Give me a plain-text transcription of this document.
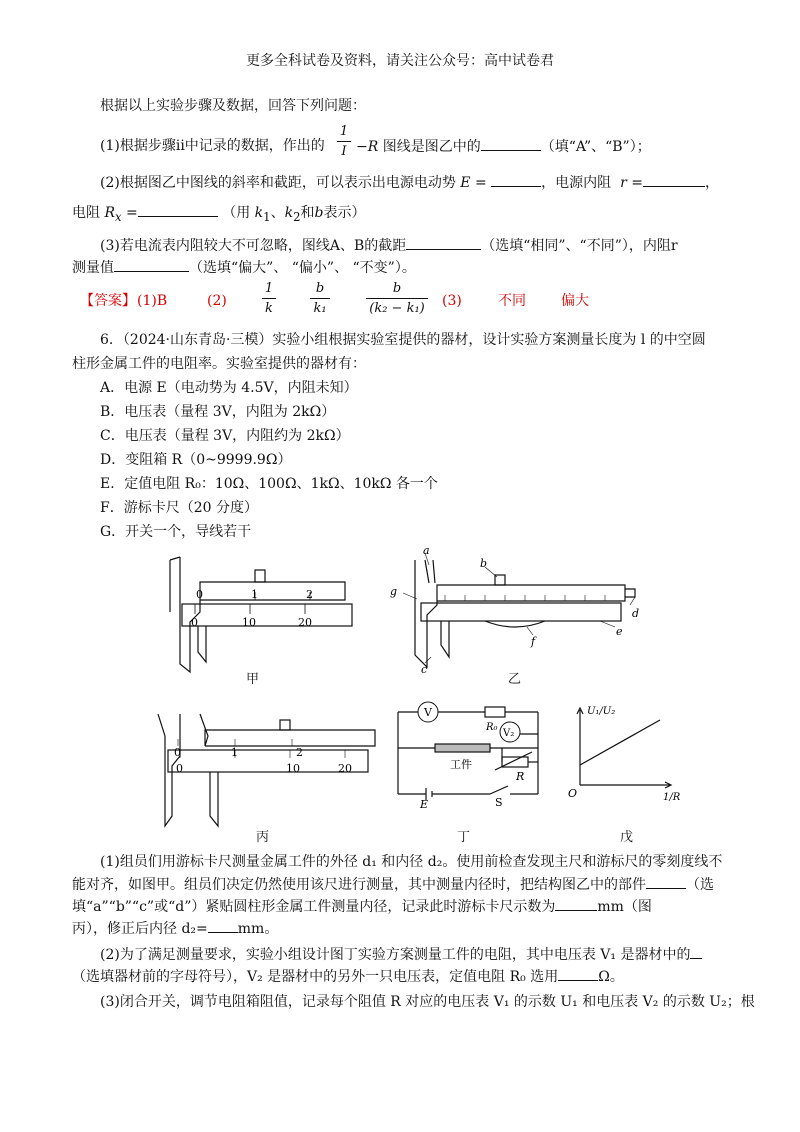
更多全科试卷及资料，请关注公众号：高中试卷君
根据以上实验步骤及数据，回答下列问题：
(1)根据步骤ⅱ中记录的数据，作出的
1
I −R 图线是图乙中的	（填“A”、“B”）；
(2)根据图乙中图线的斜率和截距，可以表示出电源电动势 E =	，电源内阻 r =	，
电阻 $R_x$ =	（用 $k_1$、$k_2$和b表示）
(3)若电流表内阻较大不可忽略，图线A、B的截距	（选填“相同”、“不同”），内阻r
测量值	（选填“偏大”、 “偏小”、 “不变”）。
【答案】 (1)B	(2)
1
k
b
k₁
b
(k₂ − k₁) (3)	不同	偏大
6．（2024·山东青岛·三模）实验小组根据实验室提供的器材，设计实验方案测量长度为 l 的中空圆
柱形金属工件的电阻率。实验室提供的器材有：
A．电源 E（电动势为 4.5V，内阻未知）
B．电压表（量程 3V，内阻为 2kΩ）
C．电压表（量程 3V，内阻约为 2kΩ）
D．变阻箱 R（0~9999.9Ω）
E．定值电阻 R₀：10Ω、100Ω、1kΩ、10kΩ 各一个
F．游标卡尺（20 分度）
G．开关一个，导线若干
0	1	2
0	10	20
甲
a
b
c
d
e
f
g
乙
0	1	2
0	10	20
丙
V
V₂
R₀
R
工件
E	S
丁
U₁/U₂
1/R
O
戊
(1)组员们用游标卡尺测量金属工件的外径 d₁ 和内径 d₂。使用前检查发现主尺和游标尺的零刻度线不
能对齐，如图甲。组员们决定仍然使用该尺进行测量，其中测量内径时，把结构图乙中的部件	（选
填“a”“b”“c”或“d”）紧贴圆柱形金属工件测量内径，记录此时游标卡尺示数为	mm（图
丙），修正后内径 d₂= mm。
(2)为了满足测量要求，实验小组设计图丁实验方案测量工件的电阻，其中电压表 V₁ 是器材中的
（选填器材前的字母符号），V₂ 是器材中的另外一只电压表，定值电阻 R₀ 选用	Ω。
(3)闭合开关，调节电阻箱阻值，记录每个阻值 R 对应的电压表 V₁ 的示数 U₁ 和电压表 V₂ 的示数 U₂；根
